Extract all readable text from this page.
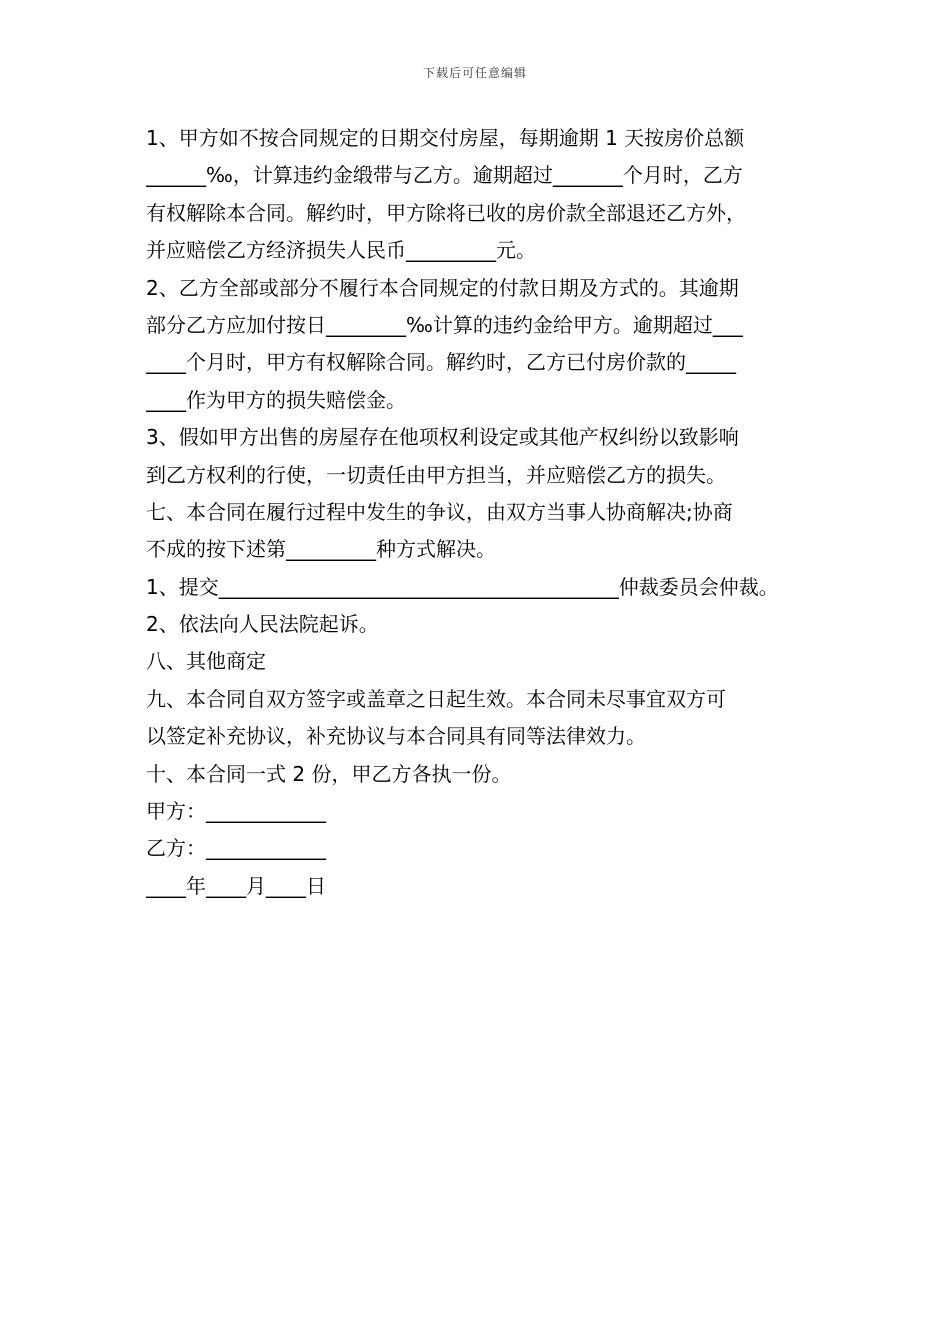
下载后可任意编辑
1、甲方如不按合同规定的日期交付房屋，每期逾期 1 天按房价总额
______‰，计算违约金缎带与乙方。逾期超过_______个月时，乙方
有权解除本合同。解约时，甲方除将已收的房价款全部退还乙方外，
并应赔偿乙方经济损失人民币_________元。
2、乙方全部或部分不履行本合同规定的付款日期及方式的。其逾期
部分乙方应加付按日________‰计算的违约金给甲方。逾期超过___
____个月时，甲方有权解除合同。解约时，乙方已付房价款的_____
____作为甲方的损失赔偿金。
3、假如甲方出售的房屋存在他项权利设定或其他产权纠纷以致影响
到乙方权利的行使，一切责任由甲方担当，并应赔偿乙方的损失。
七、本合同在履行过程中发生的争议，由双方当事人协商解决;协商
不成的按下述第_________种方式解决。
1、提交________________________________________仲裁委员会仲裁。
2、依法向人民法院起诉。
八、其他商定
九、本合同自双方签字或盖章之日起生效。本合同未尽事宜双方可
以签定补充协议，补充协议与本合同具有同等法律效力。
十、本合同一式 2 份，甲乙方各执一份。
甲方：____________
乙方：____________
____年____月____日
